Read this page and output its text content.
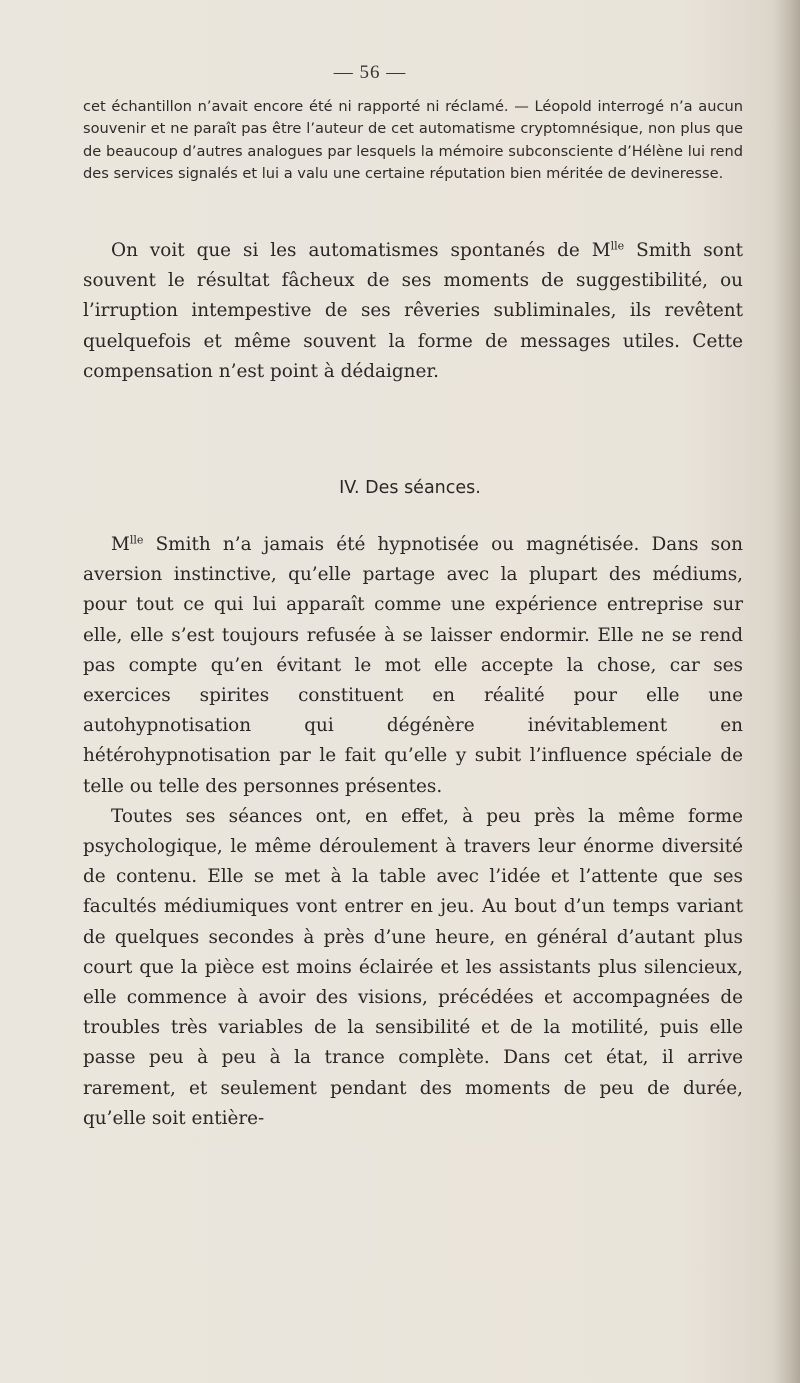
— 56 —
cet échantillon n’avait encore été ni rapporté ni réclamé. — Léopold interrogé n’a aucun souvenir et ne paraît pas être l’auteur de cet automatisme cryptomnésique, non plus que de beaucoup d’autres analogues par lesquels la mémoire subconsciente d’Hélène lui rend des services signalés et lui a valu une certaine réputation bien méritée de devineresse.

On voit que si les automatismes spontanés de $M^{lle}$ Smith sont souvent le résultat fâcheux de ses moments de suggestibilité, ou l’irruption intempestive de ses rêveries subliminales, ils revêtent quelquefois et même souvent la forme de messages utiles. Cette compensation n’est point à dédaigner.

IV. Des séances.

$M^{lle}$ Smith n’a jamais été hypnotisée ou magnétisée. Dans son aversion instinctive, qu’elle partage avec la plupart des médiums, pour tout ce qui lui apparaît comme une expérience entreprise sur elle, elle s’est toujours refusée à se laisser endormir. Elle ne se rend pas compte qu’en évitant le mot elle accepte la chose, car ses exercices spirites constituent en réalité pour elle une autohypnotisation qui dégénère inévitablement en hétérohypnotisation par le fait qu’elle y subit l’influence spéciale de telle ou telle des personnes présentes.

Toutes ses séances ont, en effet, à peu près la même forme psychologique, le même déroulement à travers leur énorme diversité de contenu. Elle se met à la table avec l’idée et l’attente que ses facultés médiumiques vont entrer en jeu. Au bout d’un temps variant de quelques secondes à près d’une heure, en général d’autant plus court que la pièce est moins éclairée et les assistants plus silencieux, elle commence à avoir des visions, précédées et accompagnées de troubles très variables de la sensibilité et de la motilité, puis elle passe peu à peu à la trance complète. Dans cet état, il arrive rarement, et seulement pendant des moments de peu de durée, qu’elle soit entière-
